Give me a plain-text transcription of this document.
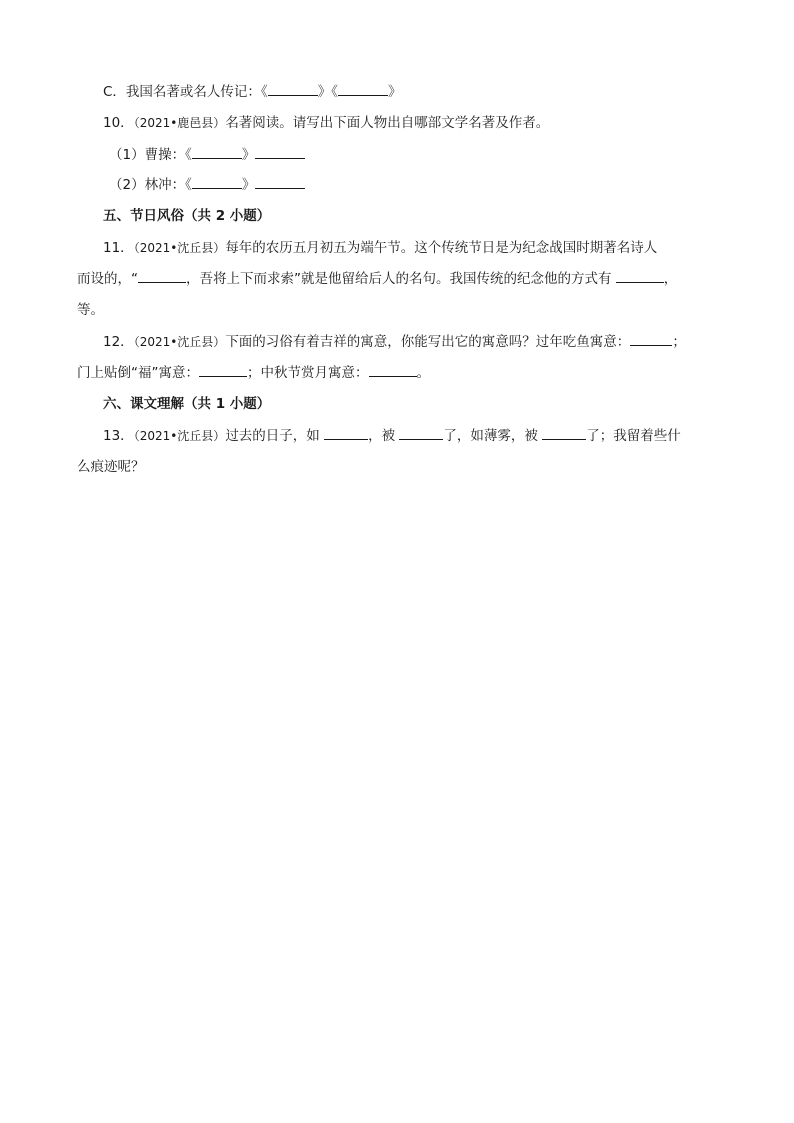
C．我国名著或名人传记：《	》《	》
10．（2021•鹿邑县）名著阅读。请写出下面人物出自哪部文学名著及作者。
（1）曹操：《	》
（2）林冲：《	》
五、节日风俗（共 2 小题）
11．（2021•沈丘县）每年的农历五月初五为端午节。这个传统节日是为纪念战国时期著名诗人
而设的，“	，吾将上下而求索”就是他留给后人的名句。我国传统的纪念他的方式有	，
等。
12．（2021•沈丘县）下面的习俗有着吉祥的寓意，你能写出它的寓意吗？过年吃鱼寓意：	；
门上贴倒“福”寓意：	；中秋节赏月寓意：	。
六、课文理解（共 1 小题）
13．（2021•沈丘县）过去的日子，如	，被	了，如薄雾，被	了；我留着些什
么痕迹呢？
